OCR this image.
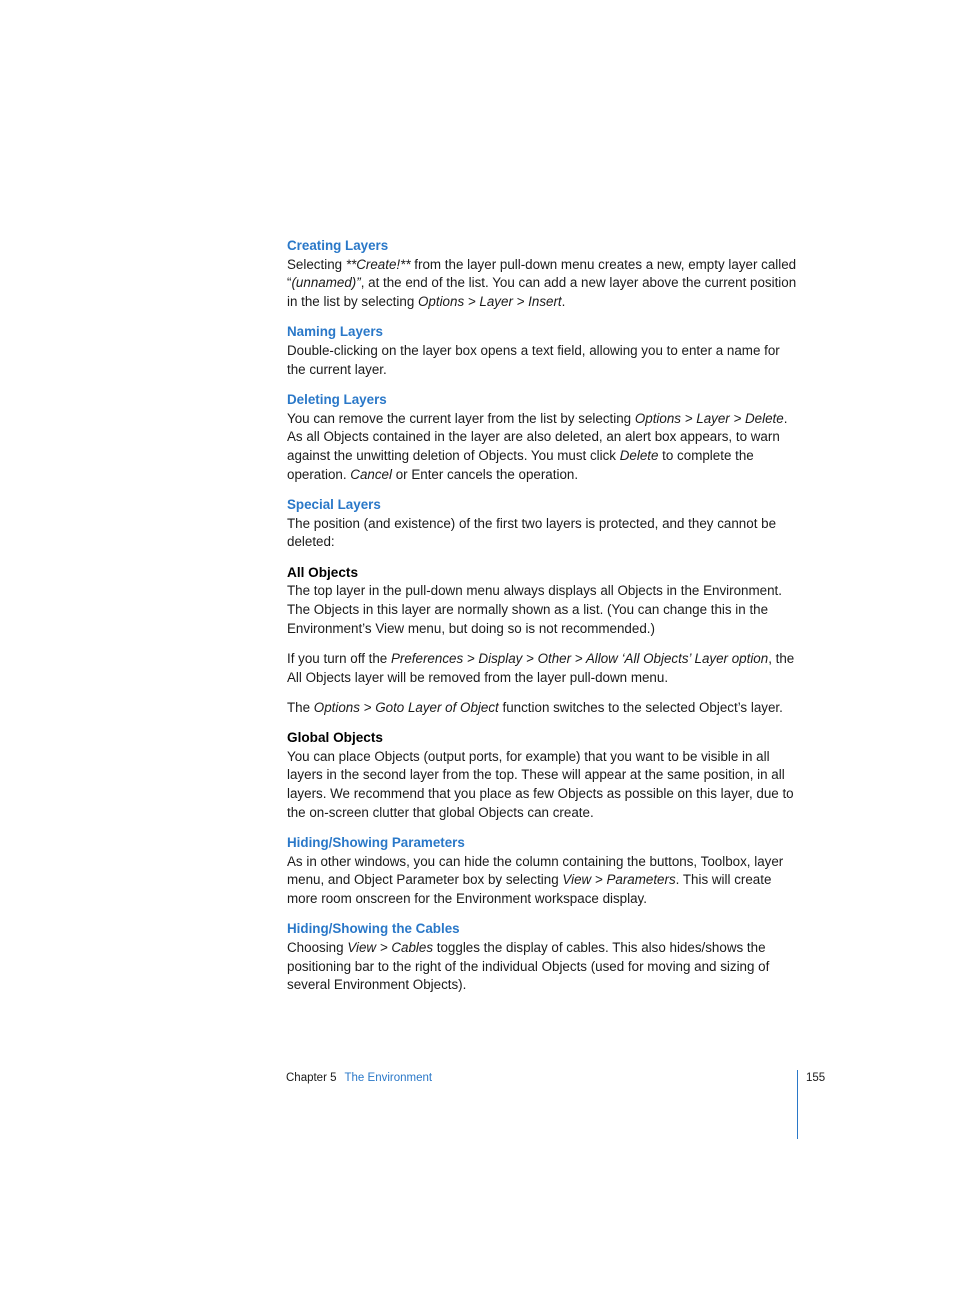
Creating Layers

Selecting **Create!** from the layer pull-down menu creates a new, empty layer called “(unnamed)”, at the end of the list. You can add a new layer above the current position in the list by selecting Options > Layer > Insert.

Naming Layers

Double-clicking on the layer box opens a text field, allowing you to enter a name for the current layer.

Deleting Layers

You can remove the current layer from the list by selecting Options > Layer > Delete. As all Objects contained in the layer are also deleted, an alert box appears, to warn against the unwitting deletion of Objects. You must click Delete to complete the operation. Cancel or Enter cancels the operation.

Special Layers

The position (and existence) of the first two layers is protected, and they cannot be deleted:

All Objects

The top layer in the pull-down menu always displays all Objects in the Environment. The Objects in this layer are normally shown as a list. (You can change this in the Environment’s View menu, but doing so is not recommended.)

If you turn off the Preferences > Display > Other > Allow ‘All Objects’ Layer option, the All Objects layer will be removed from the layer pull-down menu.

The Options > Goto Layer of Object function switches to the selected Object’s layer.

Global Objects

You can place Objects (output ports, for example) that you want to be visible in all layers in the second layer from the top. These will appear at the same position, in all layers. We recommend that you place as few Objects as possible on this layer, due to the on-screen clutter that global Objects can create.

Hiding/Showing Parameters

As in other windows, you can hide the column containing the buttons, Toolbox, layer menu, and Object Parameter box by selecting View > Parameters. This will create more room onscreen for the Environment workspace display.

Hiding/Showing the Cables

Choosing View > Cables toggles the display of cables. This also hides/shows the positioning bar to the right of the individual Objects (used for moving and sizing of several Environment Objects).

Chapter 5 The Environment	155
